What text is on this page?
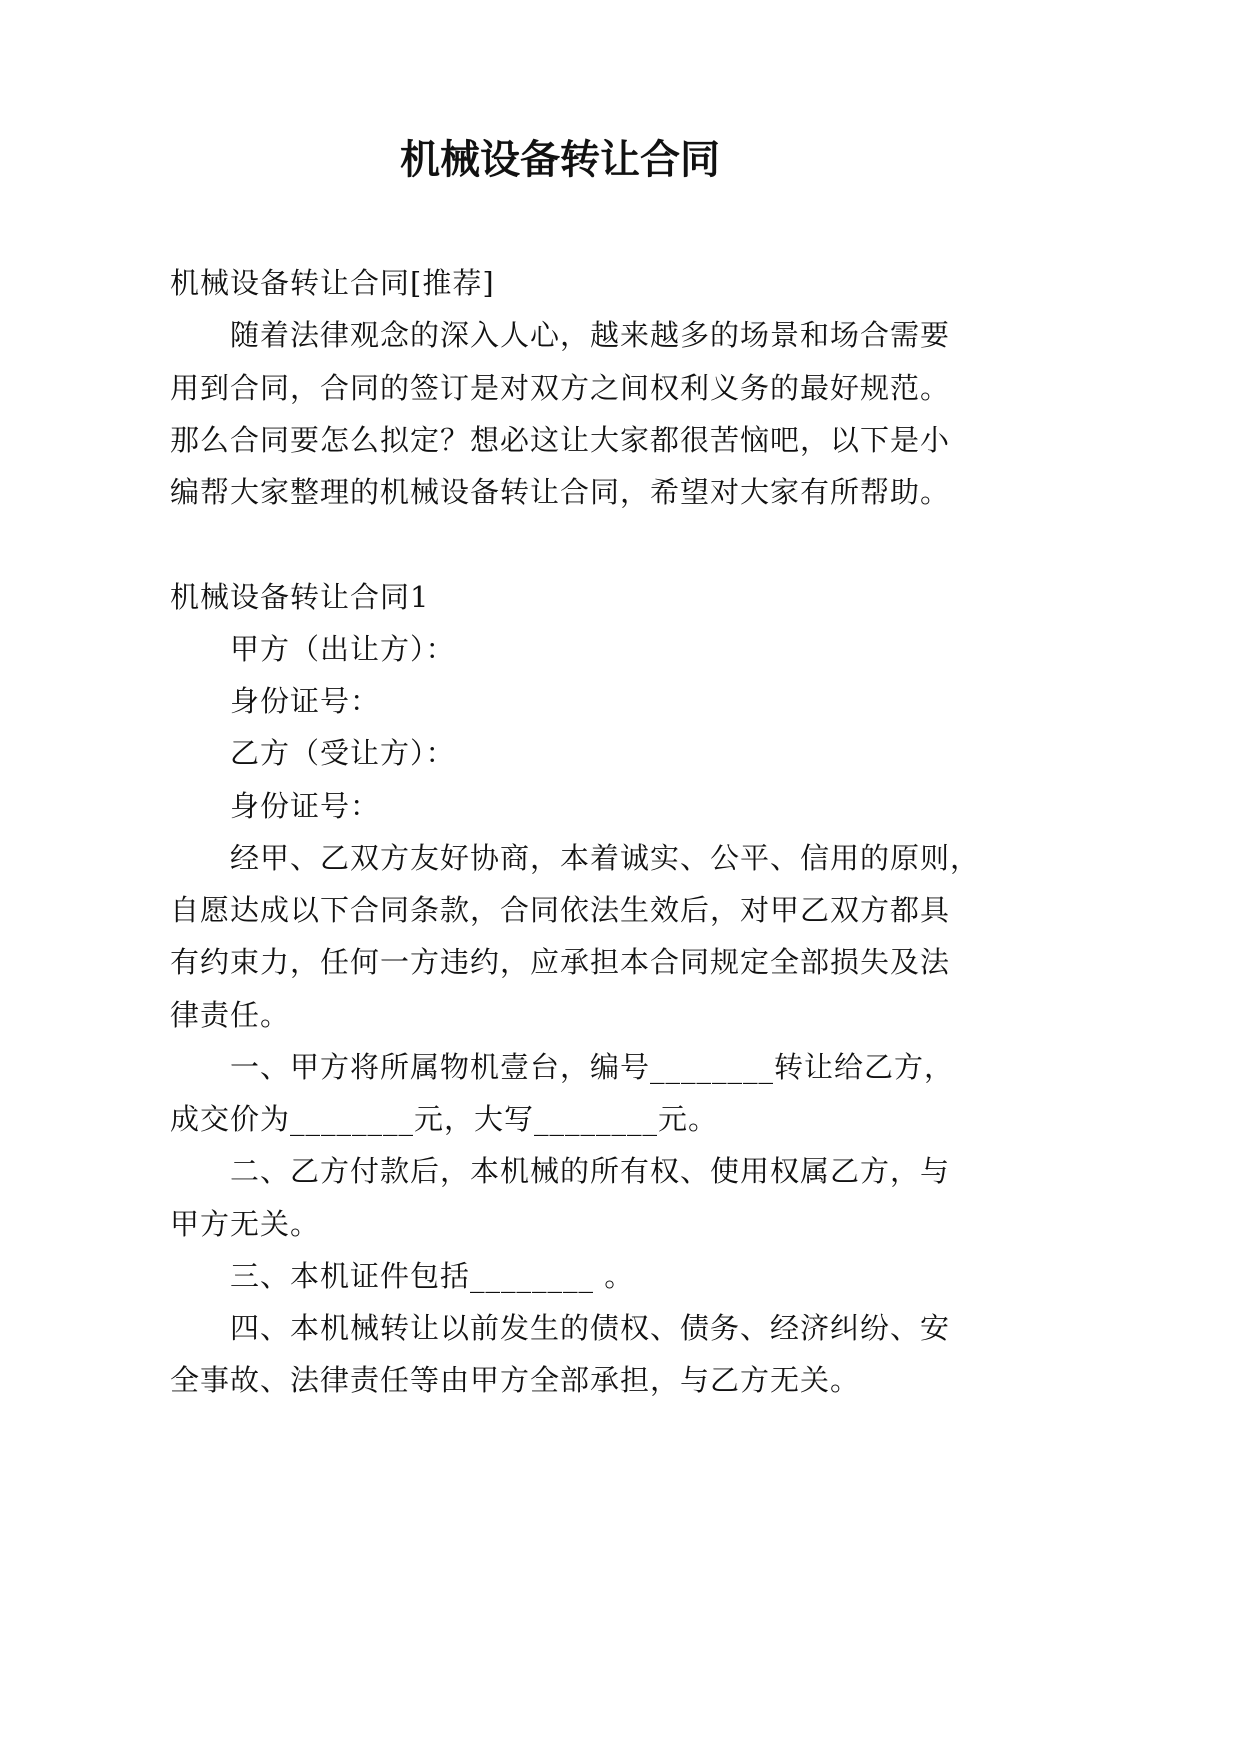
机械设备转让合同
机械设备转让合同[推荐]
随着法律观念的深入人心，越来越多的场景和场合需要
用到合同，合同的签订是对双方之间权利义务的最好规范。
那么合同要怎么拟定？想必这让大家都很苦恼吧，以下是小
编帮大家整理的机械设备转让合同，希望对大家有所帮助。
机械设备转让合同1
甲方（出让方）：
身份证号：
乙方（受让方）：
身份证号：
经甲、乙双方友好协商，本着诚实、公平、信用的原则，
自愿达成以下合同条款，合同依法生效后，对甲乙双方都具
有约束力，任何一方违约，应承担本合同规定全部损失及法
律责任。
一、甲方将所属物机壹台，编号________转让给乙方，
成交价为________元，大写________元。
二、乙方付款后，本机械的所有权、使用权属乙方，与
甲方无关。
三、本机证件包括________ 。
四、本机械转让以前发生的债权、债务、经济纠纷、安
全事故、法律责任等由甲方全部承担，与乙方无关。
